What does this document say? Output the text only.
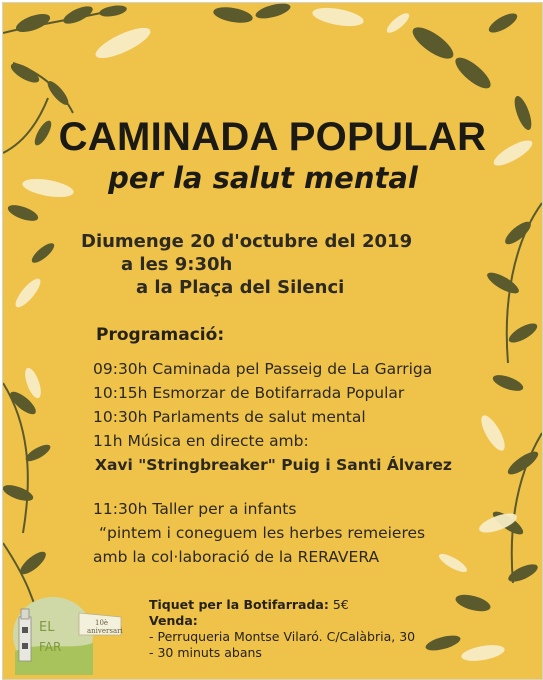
CAMINADA POPULAR
per la salut mental
Diumenge 20 d'octubre del 2019
a les 9:30h
a la Plaça del Silenci
Programació:
09:30h Caminada pel Passeig de La Garriga
10:15h Esmorzar de Botifarrada Popular
10:30h Parlaments de salut mental
11h Música en directe amb:
Xavi "Stringbreaker" Puig i Santi Álvarez
11:30h Taller per a infants
“pintem i coneguem les herbes remeieres
amb la col·laboració de la RERAVERA
Tiquet per la Botifarrada: 5€
Venda:
- Perruqueria Montse Vilaró. C/Calàbria, 30
- 30 minuts abans
EL
FAR
10è
aniversari
